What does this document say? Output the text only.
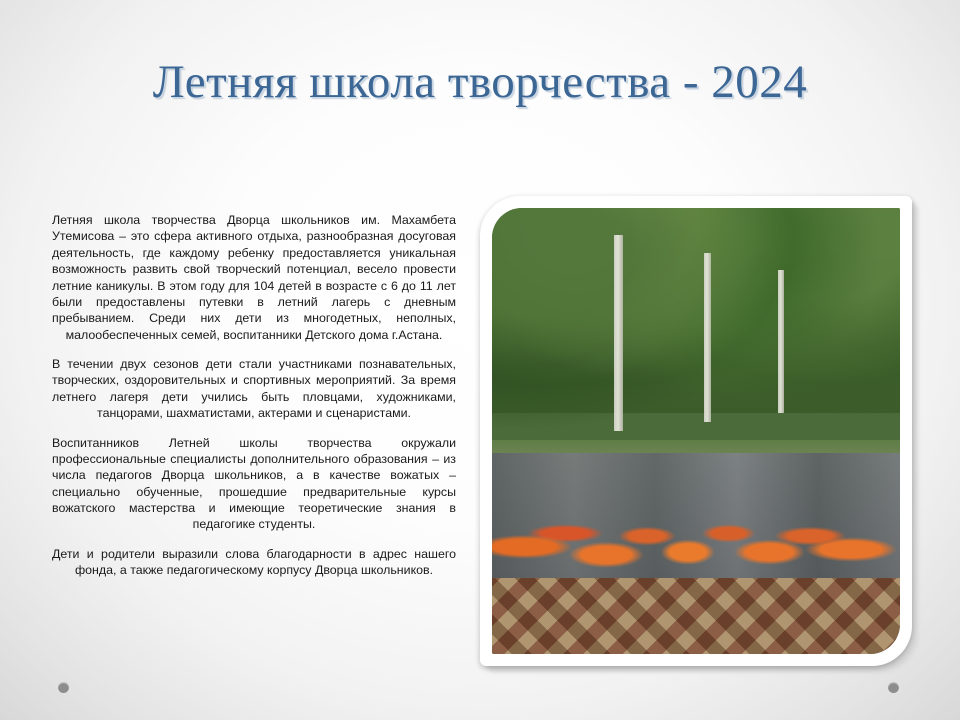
Летняя школа творчества - 2024

Летняя школа творчества Дворца школьников им. Махамбета Утемисова – это сфера активного отдыха, разнообразная досуговая деятельность, где каждому ребенку предоставляется уникальная возможность развить свой творческий потенциал, весело провести летние каникулы. В этом году для 104 детей в возрасте с 6 до 11 лет были предоставлены путевки в летний лагерь с дневным пребыванием. Среди них дети из многодетных, неполных, малообеспеченных семей, воспитанники Детского дома г.Астана.

В течении двух сезонов дети стали участниками познавательных, творческих, оздоровительных и спортивных мероприятий. За время летнего лагеря дети учились быть пловцами, художниками, танцорами, шахматистами, актерами и сценаристами.

Воспитанников Летней школы творчества окружали профессиональные специалисты дополнительного образования – из числа педагогов Дворца школьников, а в качестве вожатых – специально обученные, прошедшие предварительные курсы вожатского мастерства и имеющие теоретические знания в педагогике студенты.

Дети и родители выразили слова благодарности в адрес нашего фонда, а также педагогическому корпусу Дворца школьников.
